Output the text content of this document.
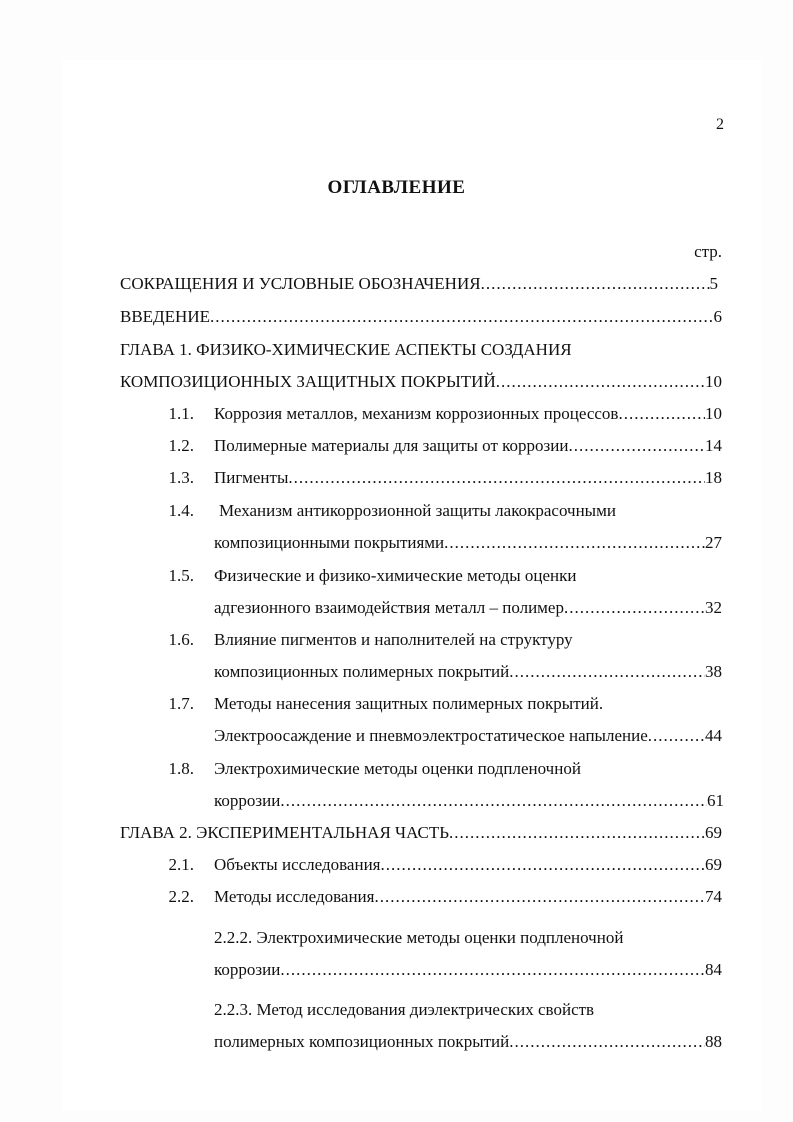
2
ОГЛАВЛЕНИЕ
стр.
СОКРАЩЕНИЯ И УСЛОВНЫЕ ОБОЗНАЧЕНИЯ .....	5
ВВЕДЕНИЕ .....	6
ГЛАВА 1. ФИЗИКО-ХИМИЧЕСКИЕ АСПЕКТЫ СОЗДАНИЯ
КОМПОЗИЦИОННЫХ ЗАЩИТНЫХ ПОКРЫТИЙ .....	10
1.1. Коррозия металлов, механизм коррозионных процессов .....	10
1.2. Полимерные материалы для защиты от коррозии .....	14
1.3. Пигменты .....	18
1.4. Механизм антикоррозионной защиты лакокрасочными
композиционными покрытиями .....	27
1.5. Физические и физико-химические методы оценки
адгезионного взаимодействия металл – полимер .....	32
1.6. Влияние пигментов и наполнителей на структуру
композиционных полимерных покрытий .....	38
1.7. Методы нанесения защитных полимерных покрытий.
Электроосаждение и пневмоэлектростатическое напыление .....	44
1.8. Электрохимические методы оценки подпленочной
коррозии .....	61
ГЛАВА 2. ЭКСПЕРИМЕНТАЛЬНАЯ ЧАСТЬ .....	69
2.1. Объекты исследования .....	69
2.2. Методы исследования .....	74
2.2.2. Электрохимические методы оценки подпленочной
коррозии .....	84
2.2.3. Метод исследования диэлектрических свойств
полимерных композиционных покрытий .....	88
